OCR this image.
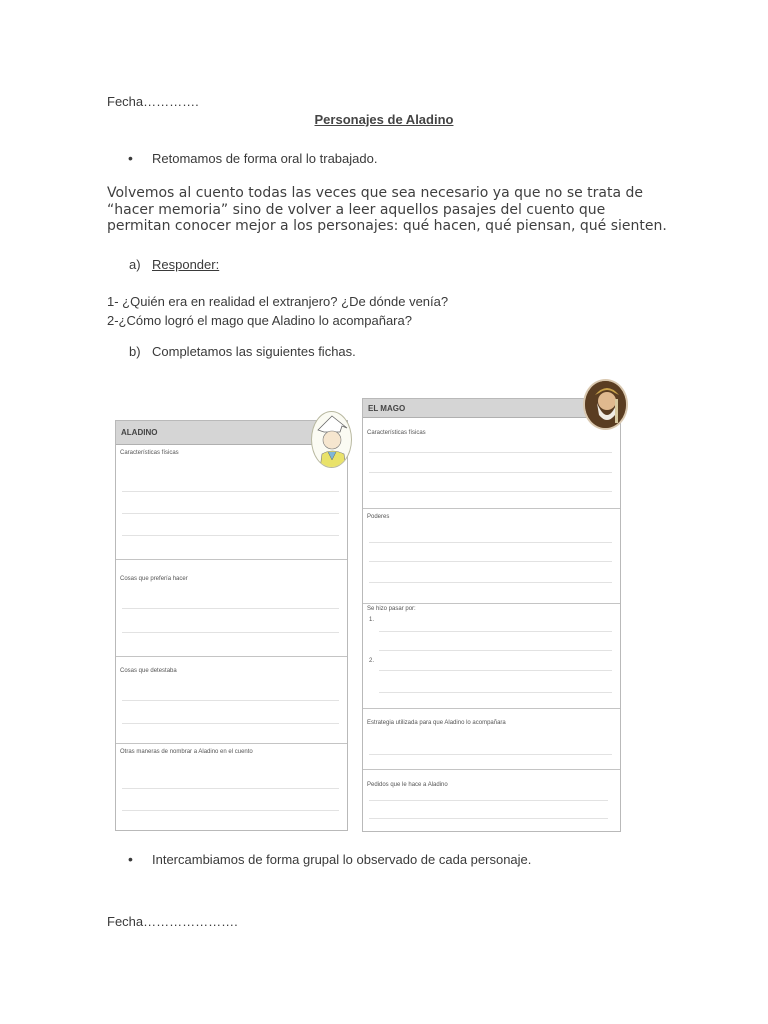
Fecha………….
Personajes de Aladino
• Retomamos de forma oral lo trabajado.
Volvemos al cuento todas las veces que sea necesario ya que no se trata de
“hacer memoria” sino de volver a leer aquellos pasajes del cuento que
permitan conocer mejor a los personajes: qué hacen, qué piensan, qué sienten.
a) Responder:
1- ¿Quién era en realidad el extranjero? ¿De dónde venía?
2-¿Cómo logró el mago que Aladino lo acompañara?
b) Completamos las siguientes fichas.
ALADINO
Características físicas
Cosas que prefería hacer
Cosas que detestaba
Otras maneras de nombrar a Aladino en el cuento
EL MAGO
Características físicas
Poderes
Se hizo pasar por:
1.
2.
Estrategia utilizada para que Aladino lo acompañara
Pedidos que le hace a Aladino
• Intercambiamos de forma grupal lo observado de cada personaje.
Fecha………………….
